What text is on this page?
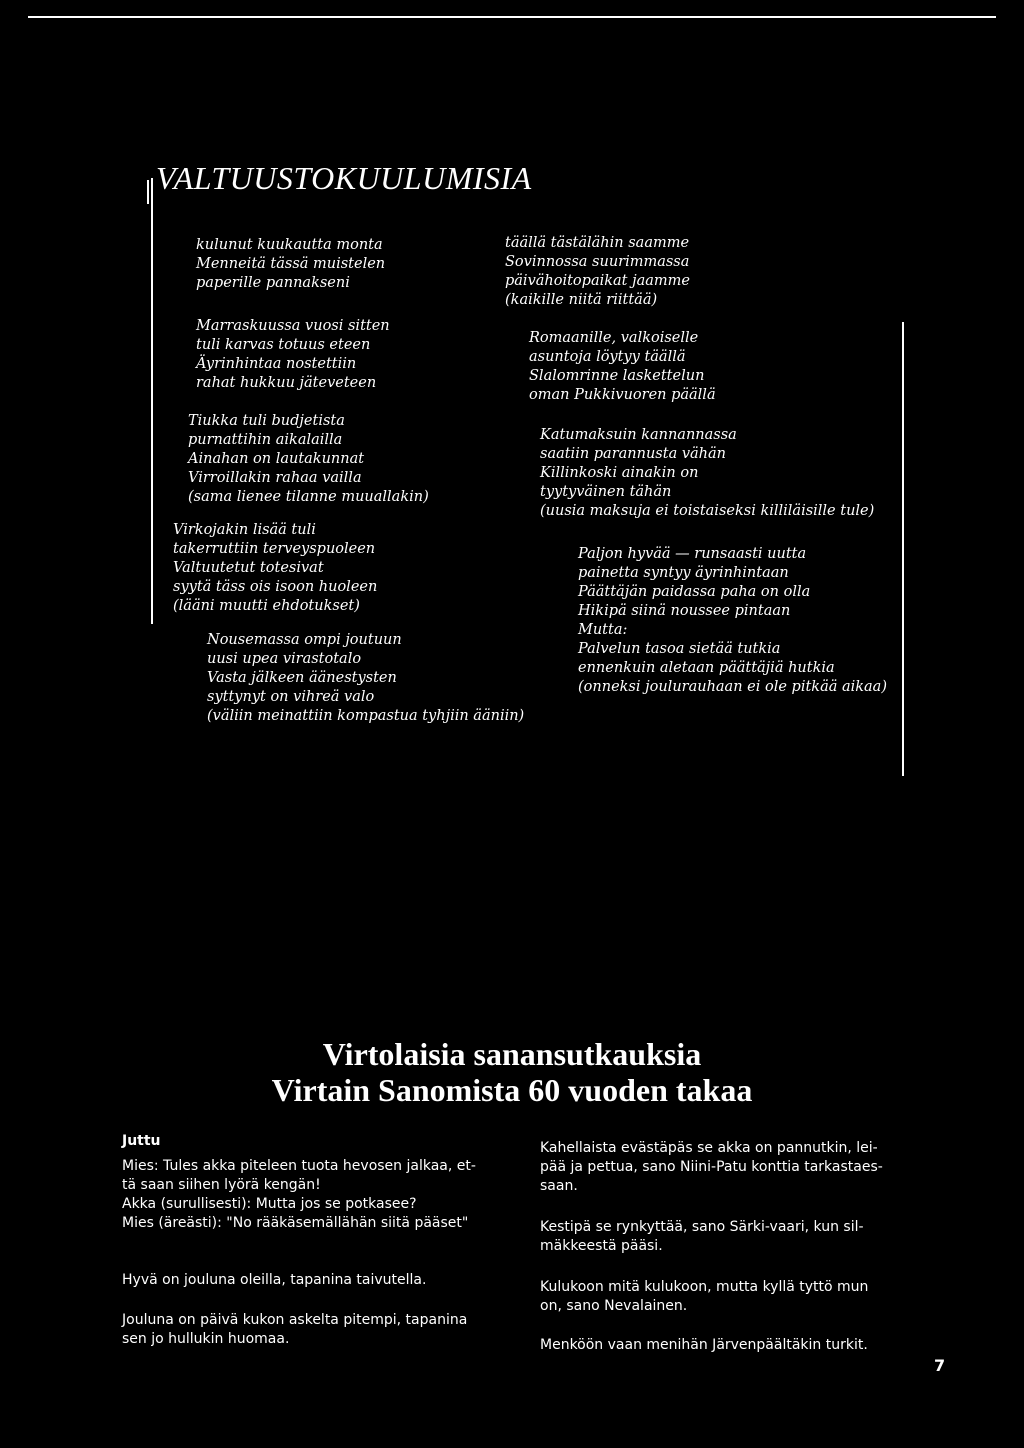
VALTUUSTOKUULUMISIA
kulunut kuukautta monta
Menneitä tässä muistelen
paperille pannakseni
Marraskuussa vuosi sitten
tuli karvas totuus eteen
Äyrinhintaa nostettiin
rahat hukkuu jäteveteen
Tiukka tuli budjetista
purnattihin aikalailla
Ainahan on lautakunnat
Virroillakin rahaa vailla
(sama lienee tilanne muuallakin)
Virkojakin lisää tuli
takerruttiin terveyspuoleen
Valtuutetut totesivat
syytä täss ois isoon huoleen
(lääni muutti ehdotukset)
Nousemassa ompi joutuun
uusi upea virastotalo
Vasta jälkeen äänestysten
syttynyt on vihreä valo
(väliin meinattiin kompastua tyhjiin ääniin)
täällä tästälähin saamme
Sovinnossa suurimmassa
päivähoitopaikat jaamme
(kaikille niitä riittää)
Romaanille, valkoiselle
asuntoja löytyy täällä
Slalomrinne laskettelun
oman Pukkivuoren päällä
Katumaksuin kannannassa
saatiin parannusta vähän
Killinkoski ainakin on
tyytyväinen tähän
(uusia maksuja ei toistaiseksi killiläisille tule)
Paljon hyvää — runsaasti uutta
painetta syntyy äyrinhintaan
Päättäjän paidassa paha on olla
Hikipä siinä noussee pintaan
Mutta:
Palvelun tasoa sietää tutkia
ennenkuin aletaan päättäjiä hutkia
(onneksi joulurauhaan ei ole pitkää aikaa)
Virtolaisia sanansutkauksia
Virtain Sanomista 60 vuoden takaa

Juttu

Mies: Tules akka piteleen tuota hevosen jalkaa, et-

tä saan siihen lyörä kengän!

Akka (surullisesti): Mutta jos se potkasee?

Mies (äreästi): "No rääkäsemällähän siitä pääset"

Hyvä on jouluna oleilla, tapanina taivutella.

Jouluna on päivä kukon askelta pitempi, tapanina

sen jo hullukin huomaa.

Kahellaista evästäpäs se akka on pannutkin, lei-

pää ja pettua, sano Niini-Patu konttia tarkastaes-

saan.

Kestipä se rynkyttää, sano Särki-vaari, kun sil-

mäkkeestä pääsi.

Kulukoon mitä kulukoon, mutta kyllä tyttö mun

on, sano Nevalainen.

Menköön vaan menihän Järvenpäältäkin turkit.

7
